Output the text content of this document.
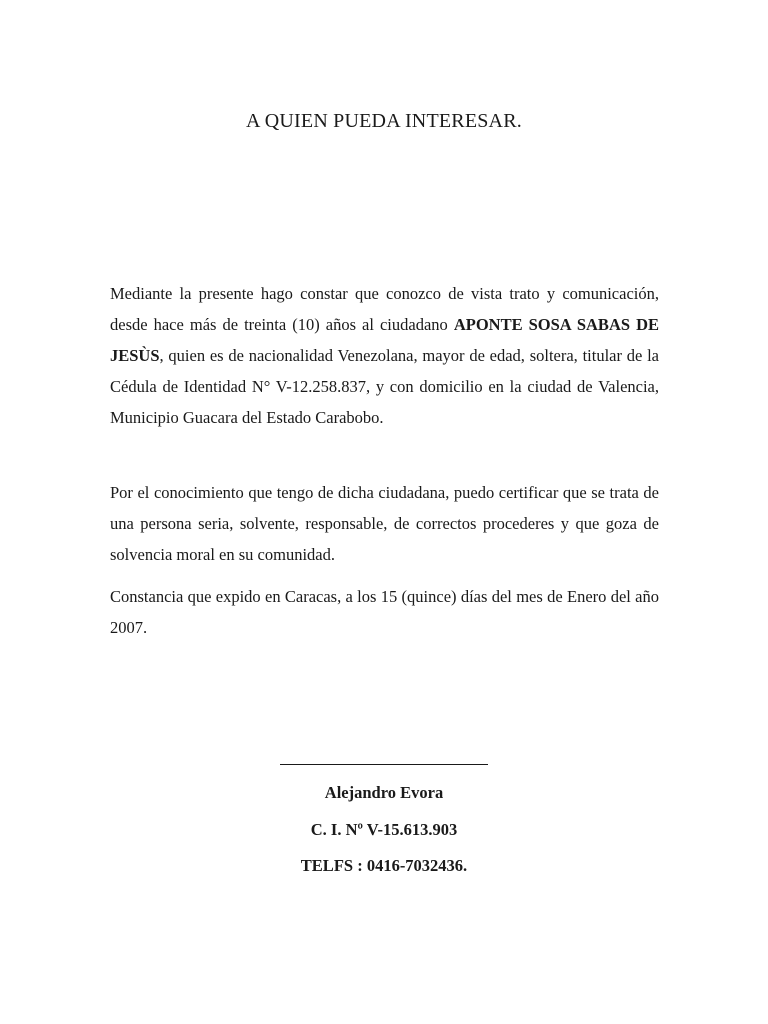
A QUIEN PUEDA INTERESAR.

Mediante la presente hago constar que conozco de vista trato y comunicación, desde hace más de treinta (10) años al ciudadano APONTE SOSA SABAS DE JESÙS, quien es de nacionalidad Venezolana, mayor de edad, soltera, titular de la Cédula de Identidad N° V-12.258.837, y con domicilio en la ciudad de Valencia, Municipio Guacara del Estado Carabobo.

Por el conocimiento que tengo de dicha ciudadana, puedo certificar que se trata de una persona seria, solvente, responsable, de correctos procederes y que goza de solvencia moral en su comunidad.

Constancia que expido en Caracas, a los 15 (quince) días del mes de Enero del año 2007.

Alejandro Evora
C. I. Nº V-15.613.903
TELFS : 0416-7032436.
